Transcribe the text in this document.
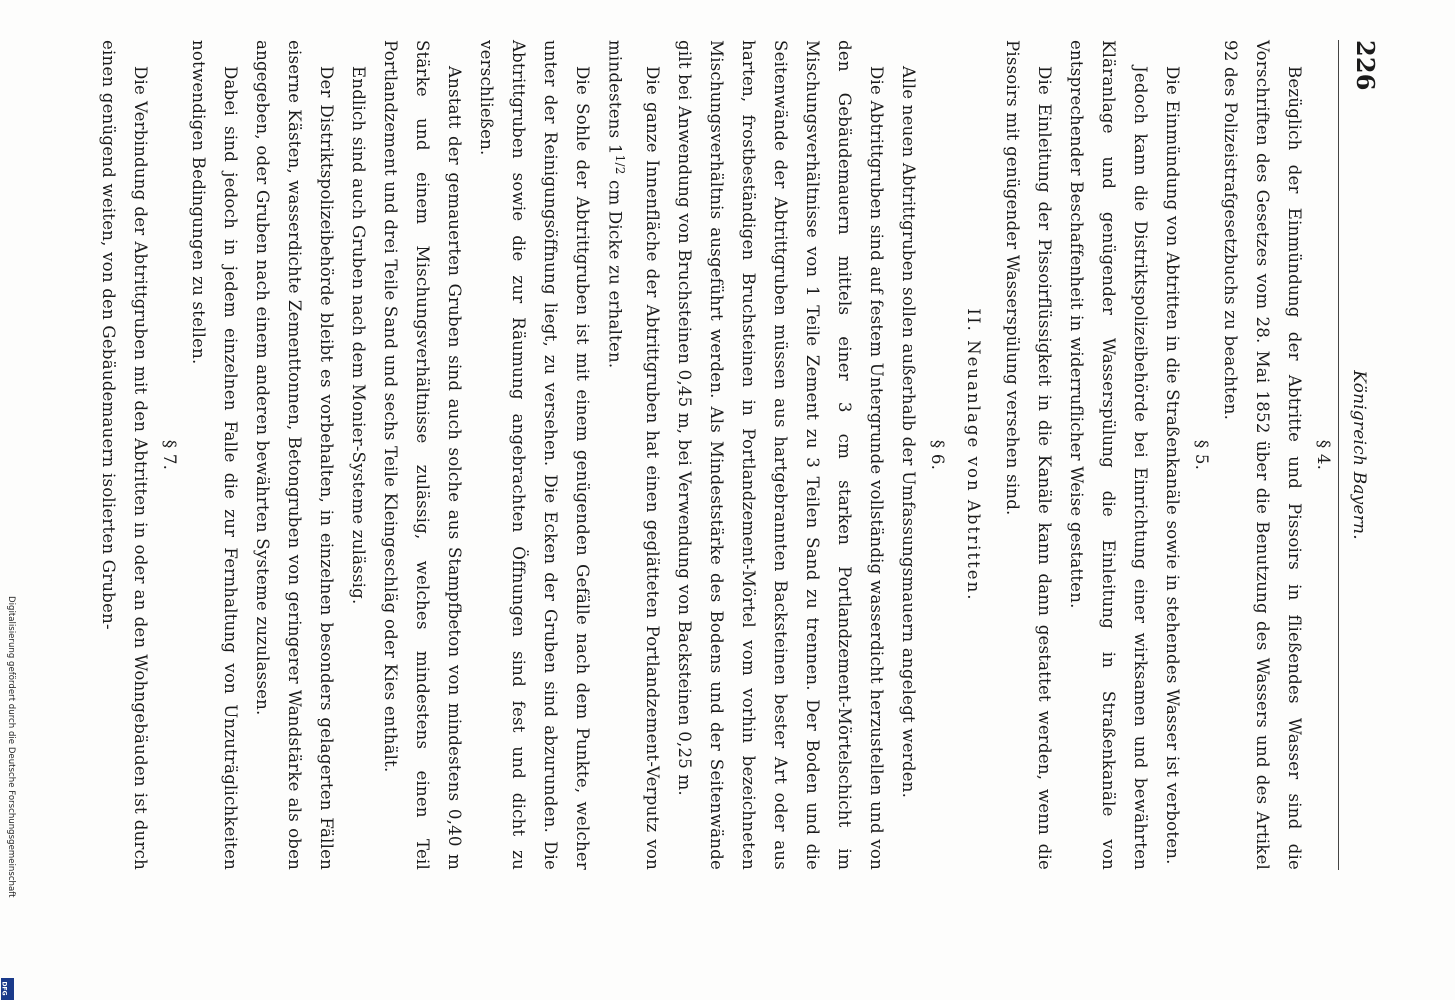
226
Königreich Bayern.
§ 4.

Bezüglich der Einmündung der Abtritte und Pissoirs in fließendes Wasser sind die Vorschriften des Gesetzes vom 28. Mai 1852 über die Benutzung des Wassers und des Artikel 92 des Polizeistrafgesetzbuchs zu beachten.

§ 5.

Die Einmündung von Abtritten in die Straßenkanäle sowie in stehendes Wasser ist verboten.

Jedoch kann die Distriktspolizeibehörde bei Einrichtung einer wirksamen und bewährten Kläranlage und genügender Wasserspülung die Einleitung in Straßenkanäle von entsprechender Beschaffenheit in widerruflicher Weise gestatten.

Die Einleitung der Pissoirflüssigkeit in die Kanäle kann dann gestattet werden, wenn die Pissoirs mit genügender Wasserspülung versehen sind.

II. Neuanlage von Abtritten.
§ 6.

Alle neuen Abtrittgruben sollen außerhalb der Umfassungsmauern angelegt werden.

Die Abtrittgruben sind auf festem Untergrunde vollständig wasserdicht herzustellen und von den Gebäudemauern mittels einer 3 cm starken Portlandzement-Mörtelschicht im Mischungsverhältnisse von 1 Teile Zement zu 3 Teilen Sand zu trennen. Der Boden und die Seitenwände der Abtrittgruben müssen aus hartgebrannten Backsteinen bester Art oder aus harten, frostbeständigen Bruchsteinen in Portlandzement-Mörtel vom vorhin bezeichneten Mischungsverhältnis ausgeführt werden. Als Mindeststärke des Bodens und der Seitenwände gilt bei Anwendung von Bruchsteinen 0,45 m, bei Verwendung von Backsteinen 0,25 m.

Die ganze Innenfläche der Abtrittgruben hat einen geglätteten Portlandzement-Verputz von mindestens $1^{1/2}$ cm Dicke zu erhalten.

Die Sohle der Abtrittgruben ist mit einem genügenden Gefälle nach dem Punkte, welcher unter der Reinigungsöffnung liegt, zu versehen. Die Ecken der Gruben sind abzurunden. Die Abtrittgruben sowie die zur Räumung angebrachten Öffnungen sind fest und dicht zu verschließen.

Anstatt der gemauerten Gruben sind auch solche aus Stampfbeton von mindestens 0,40 m Stärke und einem Mischungsverhältnisse zulässig, welches mindestens einen Teil Portlandzement und drei Teile Sand und sechs Teile Kleingeschläg oder Kies enthält.

Endlich sind auch Gruben nach dem Monier-Systeme zulässig.

Der Distriktspolizeibehörde bleibt es vorbehalten, in einzelnen besonders gelagerten Fällen eiserne Kästen, wasserdichte Zementtonnen, Betongruben von geringerer Wandstärke als oben angegeben, oder Gruben nach einem anderen bewährten Systeme zuzulassen.

Dabei sind jedoch in jedem einzelnen Falle die zur Fernhaltung von Unzuträglichkeiten notwendigen Bedingungen zu stellen.

§ 7.

Die Verbindung der Abtrittgruben mit den Abtritten in oder an den Wohngebäuden ist durch einen genügend weiten, von den Gebäudemauern isolierten Gruben-

Digitalisierung gefördert durch die Deutsche Forschungsgemeinschaft
DFG
